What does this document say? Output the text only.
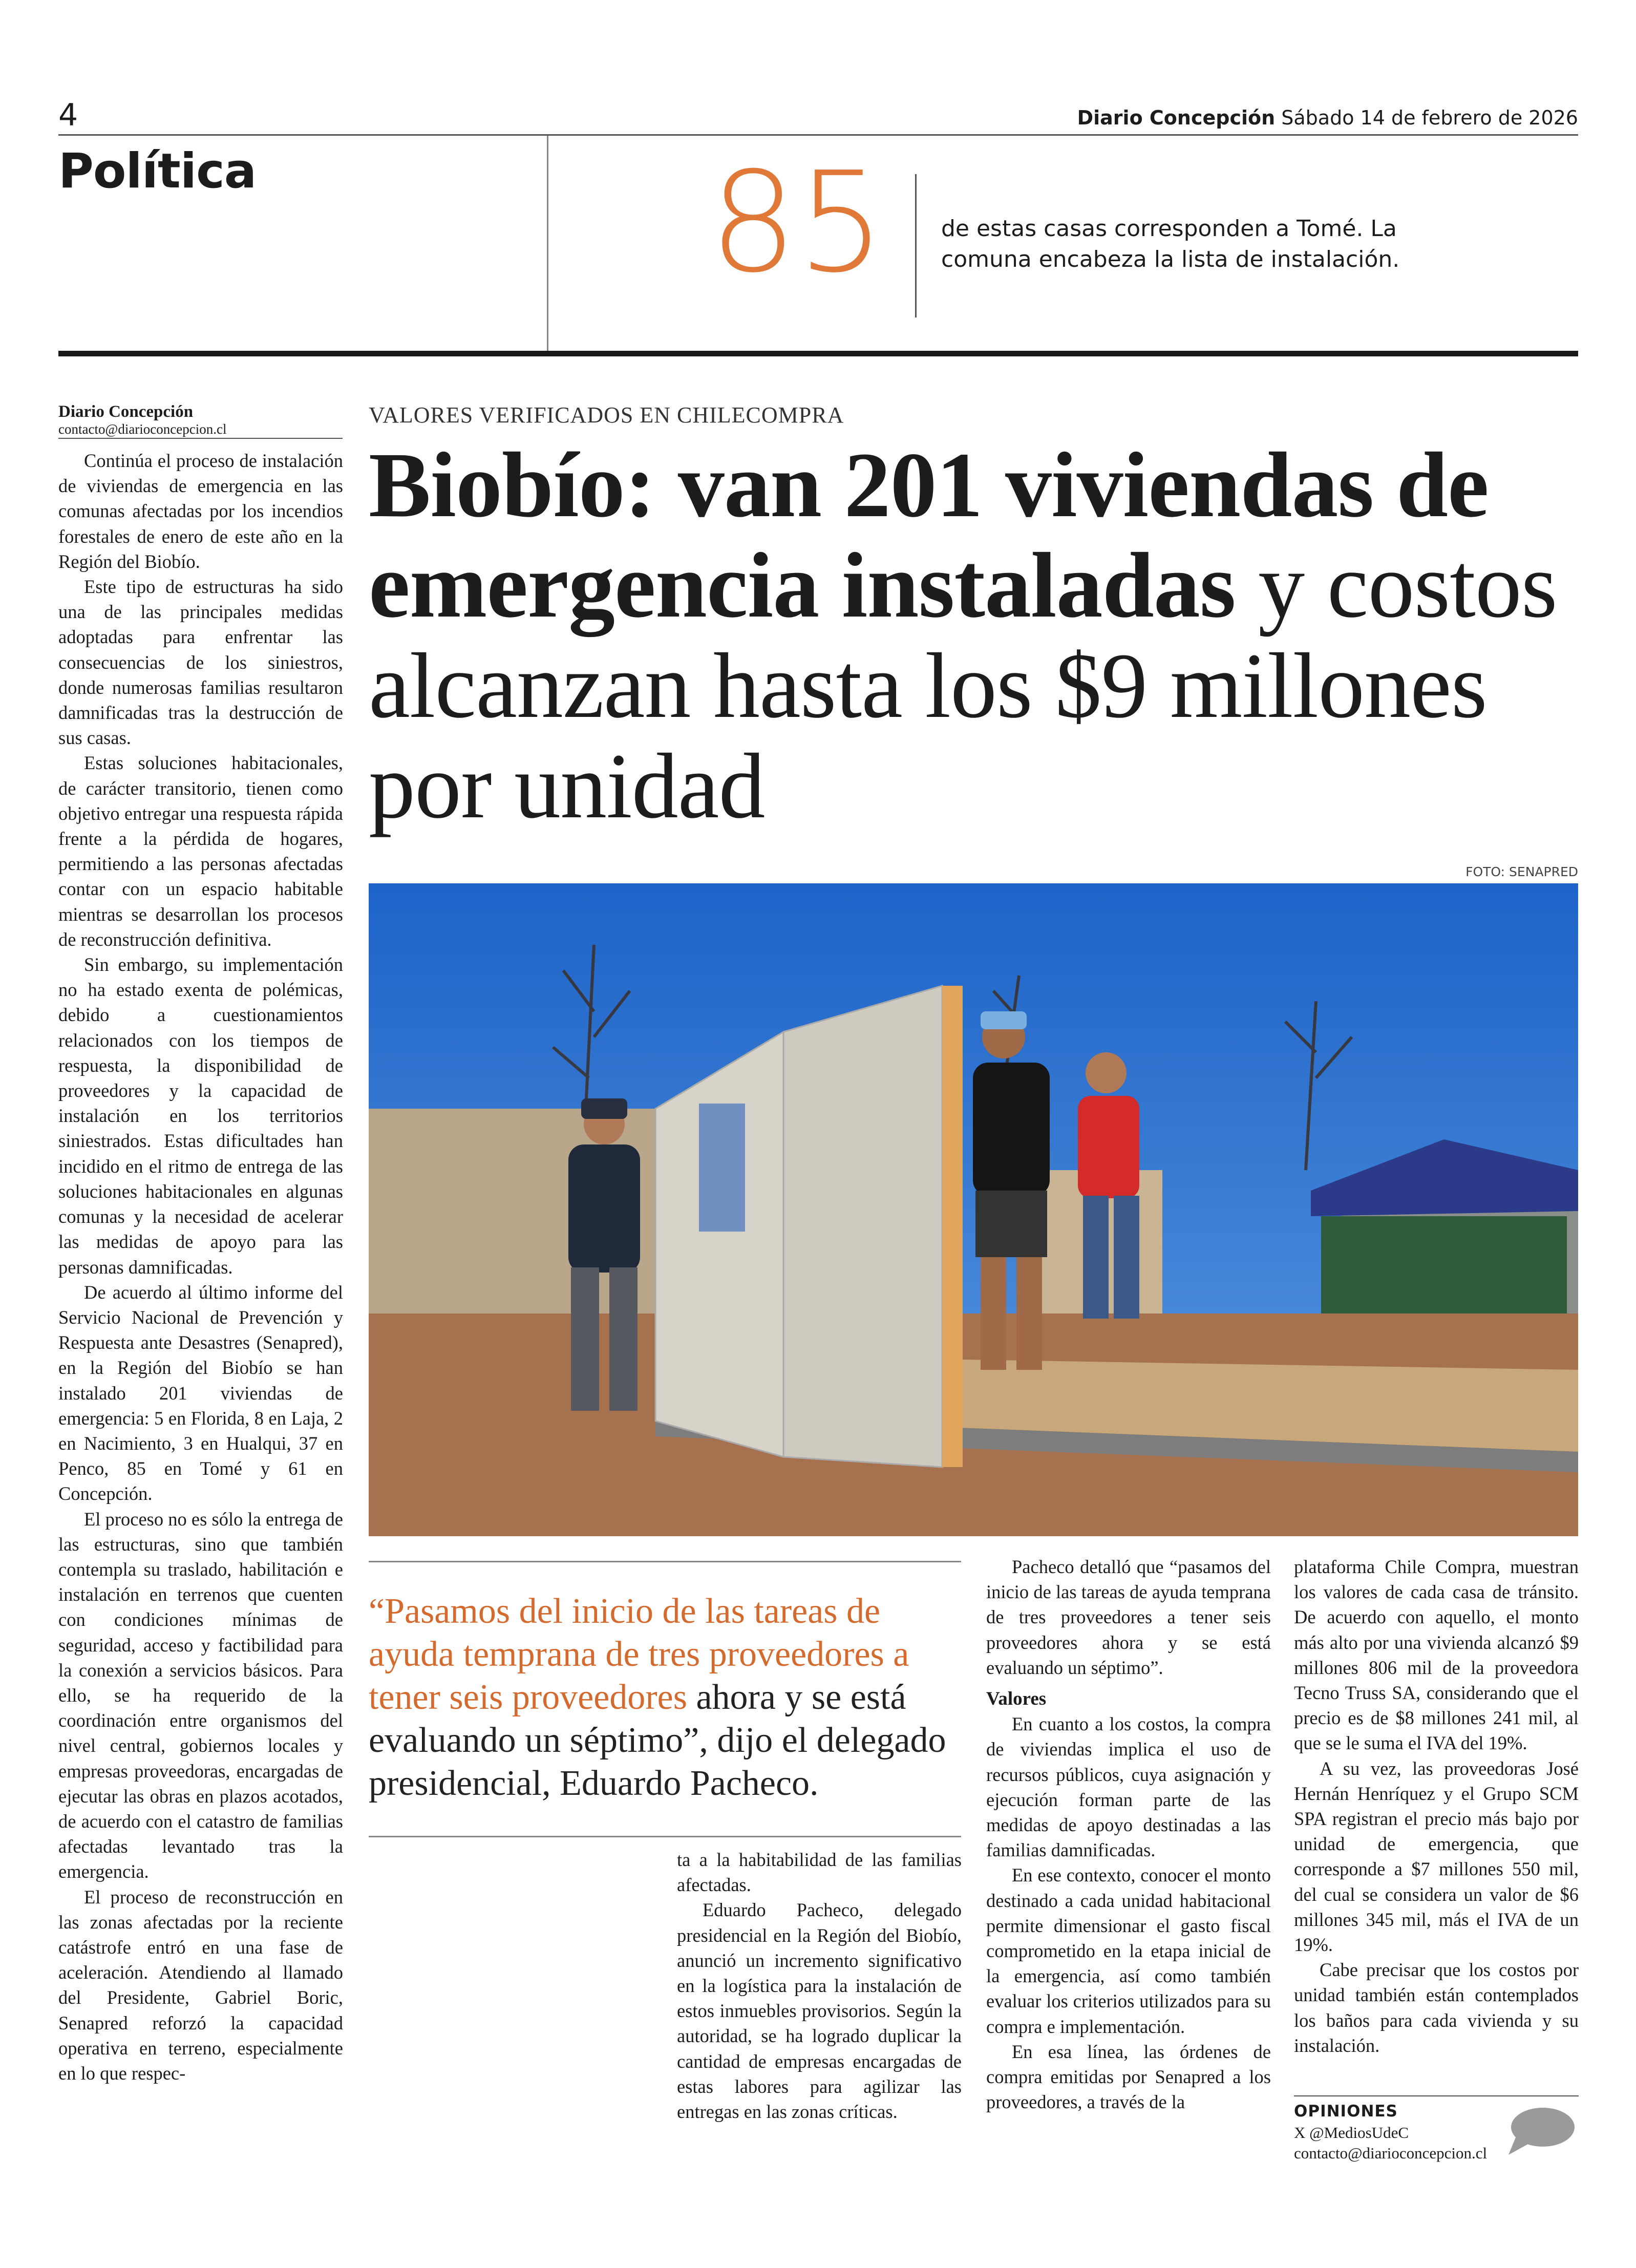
4	Diario Concepción Sábado 14 de febrero de 2026
Política	85 de estas casas corresponden a Tomé. La comuna encabeza la lista de instalación.
Diario Concepción
contacto@diarioconcepcion.cl
VALORES VERIFICADOS EN CHILECOMPRA
Biobío: van 201 viviendas de emergencia instaladas y costos alcanzan hasta los $9 millones por unidad
FOTO: SENAPRED

Continúa el proceso de instalación de viviendas de emergencia en las comunas afectadas por los incendios forestales de enero de este año en la Región del Biobío.

Este tipo de estructuras ha sido una de las principales medidas adoptadas para enfrentar las consecuencias de los siniestros, donde numerosas familias resultaron damnificadas tras la destrucción de sus casas.

Estas soluciones habitacionales, de carácter transitorio, tienen como objetivo entregar una respuesta rápida frente a la pérdida de hogares, permitiendo a las personas afectadas contar con un espacio habitable mientras se desarrollan los procesos de reconstrucción definitiva.

Sin embargo, su implementación no ha estado exenta de polémicas, debido a cuestionamientos relacionados con los tiempos de respuesta, la disponibilidad de proveedores y la capacidad de instalación en los territorios siniestrados. Estas dificultades han incidido en el ritmo de entrega de las soluciones habitacionales en algunas comunas y la necesidad de acelerar las medidas de apoyo para las personas damnificadas.

De acuerdo al último informe del Servicio Nacional de Prevención y Respuesta ante Desastres (Senapred), en la Región del Biobío se han instalado 201 viviendas de emergencia: 5 en Florida, 8 en Laja, 2 en Nacimiento, 3 en Hualqui, 37 en Penco, 85 en Tomé y 61 en Concepción.

El proceso no es sólo la entrega de las estructuras, sino que también contempla su traslado, habilitación e instalación en terrenos que cuenten con condiciones mínimas de seguridad, acceso y factibilidad para la conexión a servicios básicos. Para ello, se ha requerido de la coordinación entre organismos del nivel central, gobiernos locales y empresas proveedoras, encargadas de ejecutar las obras en plazos acotados, de acuerdo con el catastro de familias afectadas levantado tras la emergencia.

El proceso de reconstrucción en las zonas afectadas por la reciente catástrofe entró en una fase de aceleración. Atendiendo al llamado del Presidente, Gabriel Boric, Senapred reforzó la capacidad operativa en terreno, especialmente en lo que respec-

“Pasamos del inicio de las tareas de ayuda temprana de tres proveedores a tener seis proveedores ahora y se está evaluando un séptimo”, dijo el delegado presidencial, Eduardo Pacheco.

ta a la habitabilidad de las familias afectadas.

Eduardo Pacheco, delegado presidencial en la Región del Biobío, anunció un incremento significativo en la logística para la instalación de estos inmuebles provisorios. Según la autoridad, se ha logrado duplicar la cantidad de empresas encargadas de estas labores para agilizar las entregas en las zonas críticas.

Pacheco detalló que “pasamos del inicio de las tareas de ayuda temprana de tres proveedores a tener seis proveedores ahora y se está evaluando un séptimo”.

Valores

En cuanto a los costos, la compra de viviendas implica el uso de recursos públicos, cuya asignación y ejecución forman parte de las medidas de apoyo destinadas a las familias damnificadas.

En ese contexto, conocer el monto destinado a cada unidad habitacional permite dimensionar el gasto fiscal comprometido en la etapa inicial de la emergencia, así como también evaluar los criterios utilizados para su compra e implementación.

En esa línea, las órdenes de compra emitidas por Senapred a los proveedores, a través de la

plataforma Chile Compra, muestran los valores de cada casa de tránsito. De acuerdo con aquello, el monto más alto por una vivienda alcanzó $9 millones 806 mil de la proveedora Tecno Truss SA, considerando que el precio es de $8 millones 241 mil, al que se le suma el IVA del 19%.

A su vez, las proveedoras José Hernán Henríquez y el Grupo SCM SPA registran el precio más bajo por unidad de emergencia, que corresponde a $7 millones 550 mil, del cual se considera un valor de $6 millones 345 mil, más el IVA de un 19%.

Cabe precisar que los costos por unidad también están contemplados los baños para cada vivienda y su instalación.

OPINIONES
X @MediosUdeC
contacto@diarioconcepcion.cl
